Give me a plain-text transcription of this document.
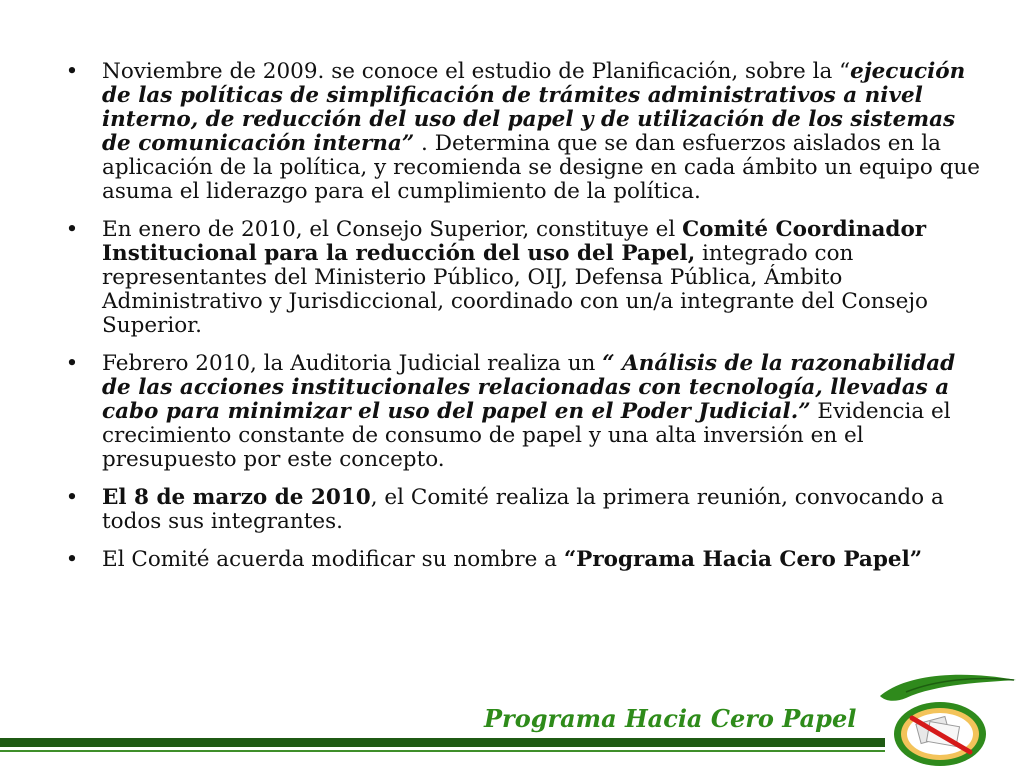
• Noviembre de 2009. se conoce el estudio de Planificación, sobre la “ejecución de las políticas de simplificación de trámites administrativos a nivel interno, de reducción del uso del papel y de utilización de los sistemas de comunicación interna” . Determina que se dan esfuerzos aislados en la aplicación de la política, y recomienda se designe en cada ámbito un equipo que asuma el liderazgo para el cumplimiento de la política.
• En enero de 2010, el Consejo Superior, constituye el Comité Coordinador Institucional para la reducción del uso del Papel, integrado con representantes del Ministerio Público, OIJ, Defensa Pública, Ámbito Administrativo y Jurisdiccional, coordinado con un/a integrante del Consejo Superior.
• Febrero 2010, la Auditoria Judicial realiza un “ Análisis de la razonabilidad de las acciones institucionales relacionadas con tecnología, llevadas a cabo para minimizar el uso del papel en el Poder Judicial.” Evidencia el crecimiento constante de consumo de papel y una alta inversión en el presupuesto por este concepto.
• El 8 de marzo de 2010, el Comité realiza la primera reunión, convocando a todos sus integrantes.
• El Comité acuerda modificar su nombre a “Programa Hacia Cero Papel”
Programa Hacia Cero Papel
